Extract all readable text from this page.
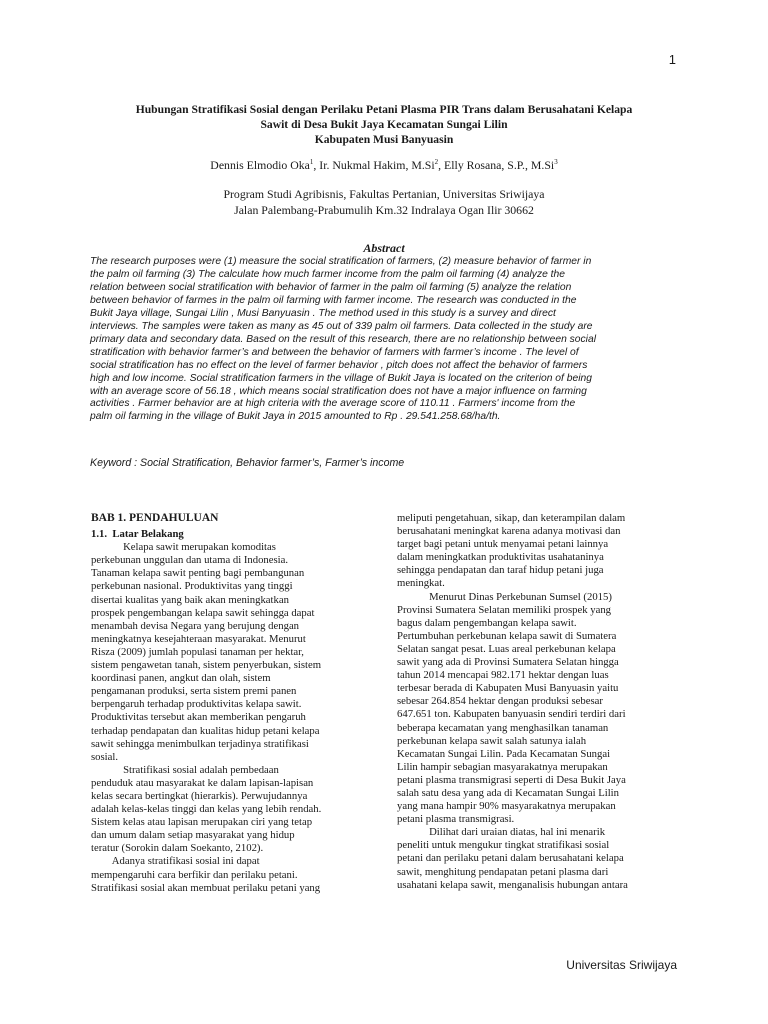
1
Hubungan Stratifikasi Sosial dengan Perilaku Petani Plasma PIR Trans dalam Berusahatani Kelapa
Sawit di Desa Bukit Jaya Kecamatan Sungai Lilin
Kabupaten Musi Banyuasin
Dennis Elmodio Oka$^1$, Ir. Nukmal Hakim, M.Si$^2$, Elly Rosana, S.P., M.Si$^3$
Program Studi Agribisnis, Fakultas Pertanian, Universitas Sriwijaya
Jalan Palembang-Prabumulih Km.32 Indralaya Ogan Ilir 30662
Abstract
The research purposes were (1) measure the social stratification of farmers, (2) measure behavior of farmer in
the palm oil farming (3) The calculate how much farmer income from the palm oil farming (4) analyze the
relation between social stratification with behavior of farmer in the palm oil farming (5) analyze the relation
between behavior of farmes in the palm oil farming with farmer income. The research was conducted in the
Bukit Jaya village, Sungai Lilin , Musi Banyuasin . The method used in this study is a survey and direct
interviews. The samples were taken as many as 45 out of 339 palm oil farmers. Data collected in the study are
primary data and secondary data. Based on the result of this research, there are no relationship between social
stratification with behavior farmer’s and between the behavior of farmers with farmer’s income . The level of
social stratification has no effect on the level of farmer behavior , pitch does not affect the behavior of farmers
high and low income. Social stratification farmers in the village of Bukit Jaya is located on the criterion of being
with an average score of 56.18 , which means social stratification does not have a major influence on farming
activities . Farmer behavior are at high criteria with the average score of 110.11 . Farmers' income from the
palm oil farming in the village of Bukit Jaya in 2015 amounted to Rp . 29.541.258.68/ha/th.
Keyword : Social Stratification, Behavior farmer’s, Farmer’s income
BAB 1. PENDAHULUAN
1.1.  Latar Belakang
Kelapa sawit merupakan komoditas
perkebunan unggulan dan utama di Indonesia.
Tanaman kelapa sawit penting bagi pembangunan
perkebunan nasional. Produktivitas yang tinggi
disertai kualitas yang baik akan meningkatkan
prospek pengembangan kelapa sawit sehingga dapat
menambah devisa Negara yang berujung dengan
meningkatnya kesejahteraan masyarakat. Menurut
Risza (2009) jumlah populasi tanaman per hektar,
sistem pengawetan tanah, sistem penyerbukan, sistem
koordinasi panen, angkut dan olah, sistem
pengamanan produksi, serta sistem premi panen
berpengaruh terhadap produktivitas kelapa sawit.
Produktivitas tersebut akan memberikan pengaruh
terhadap pendapatan dan kualitas hidup petani kelapa
sawit sehingga menimbulkan terjadinya stratifikasi
sosial.
Stratifikasi sosial adalah pembedaan
penduduk atau masyarakat ke dalam lapisan-lapisan
kelas secara bertingkat (hierarkis). Perwujudannya
adalah kelas-kelas tinggi dan kelas yang lebih rendah.
Sistem kelas atau lapisan merupakan ciri yang tetap
dan umum dalam setiap masyarakat yang hidup
teratur (Sorokin dalam Soekanto, 2102).
Adanya stratifikasi sosial ini dapat
mempengaruhi cara berfikir dan perilaku petani.
Stratifikasi sosial akan membuat perilaku petani yang
meliputi pengetahuan, sikap, dan keterampilan dalam
berusahatani meningkat karena adanya motivasi dan
target bagi petani untuk menyamai petani lainnya
dalam meningkatkan produktivitas usahataninya
sehingga pendapatan dan taraf hidup petani juga
meningkat.
Menurut Dinas Perkebunan Sumsel (2015)
Provinsi Sumatera Selatan memiliki prospek yang
bagus dalam pengembangan kelapa sawit.
Pertumbuhan perkebunan kelapa sawit di Sumatera
Selatan sangat pesat. Luas areal perkebunan kelapa
sawit yang ada di Provinsi Sumatera Selatan hingga
tahun 2014 mencapai 982.171 hektar dengan luas
terbesar berada di Kabupaten Musi Banyuasin yaitu
sebesar 264.854 hektar dengan produksi sebesar
647.651 ton. Kabupaten banyuasin sendiri terdiri dari
beberapa kecamatan yang menghasilkan tanaman
perkebunan kelapa sawit salah satunya ialah
Kecamatan Sungai Lilin. Pada Kecamatan Sungai
Lilin hampir sebagian masyarakatnya merupakan
petani plasma transmigrasi seperti di Desa Bukit Jaya
salah satu desa yang ada di Kecamatan Sungai Lilin
yang mana hampir 90% masyarakatnya merupakan
petani plasma transmigrasi.
Dilihat dari uraian diatas, hal ini menarik
peneliti untuk mengukur tingkat stratifikasi sosial
petani dan perilaku petani dalam berusahatani kelapa
sawit, menghitung pendapatan petani plasma dari
usahatani kelapa sawit, menganalisis hubungan antara
Universitas Sriwijaya
